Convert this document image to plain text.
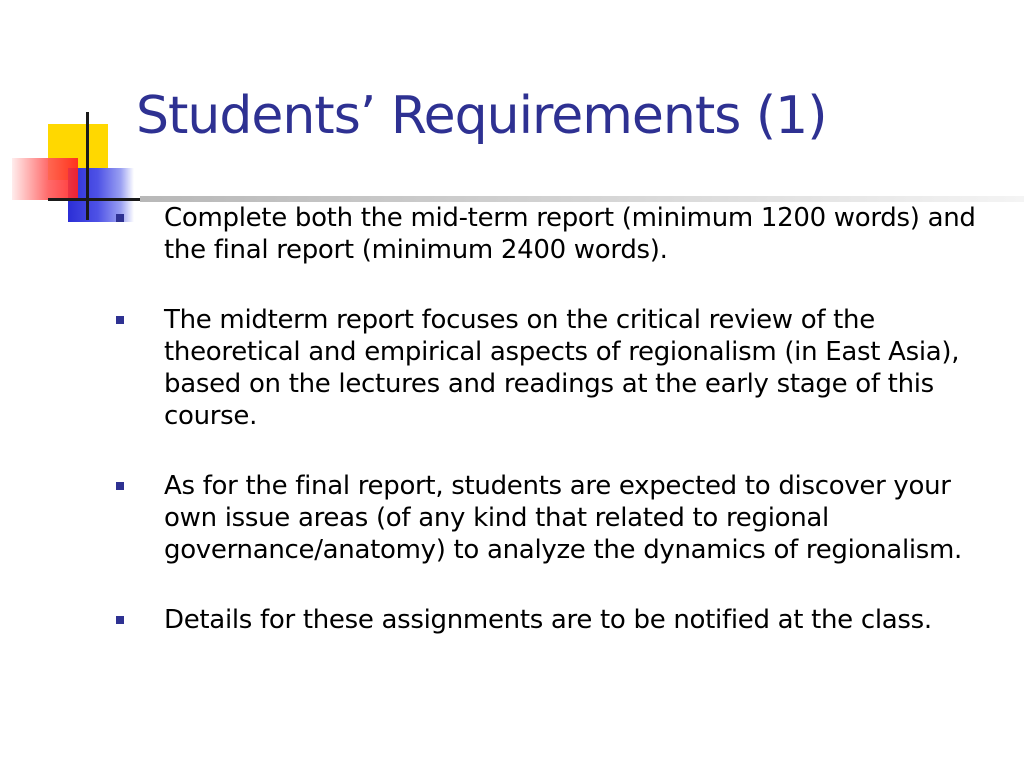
Students’ Requirements (1)
Complete both the mid-term report (minimum 1200 words) and the final report (minimum 2400 words).
The midterm report focuses on the critical review of the theoretical and empirical aspects of regionalism (in East Asia), based on the lectures and readings at the early stage of this course.
As for the final report, students are expected to discover your own issue areas (of any kind that related to regional governance/anatomy) to analyze the dynamics of regionalism.
Details for these assignments are to be notified at the class.
